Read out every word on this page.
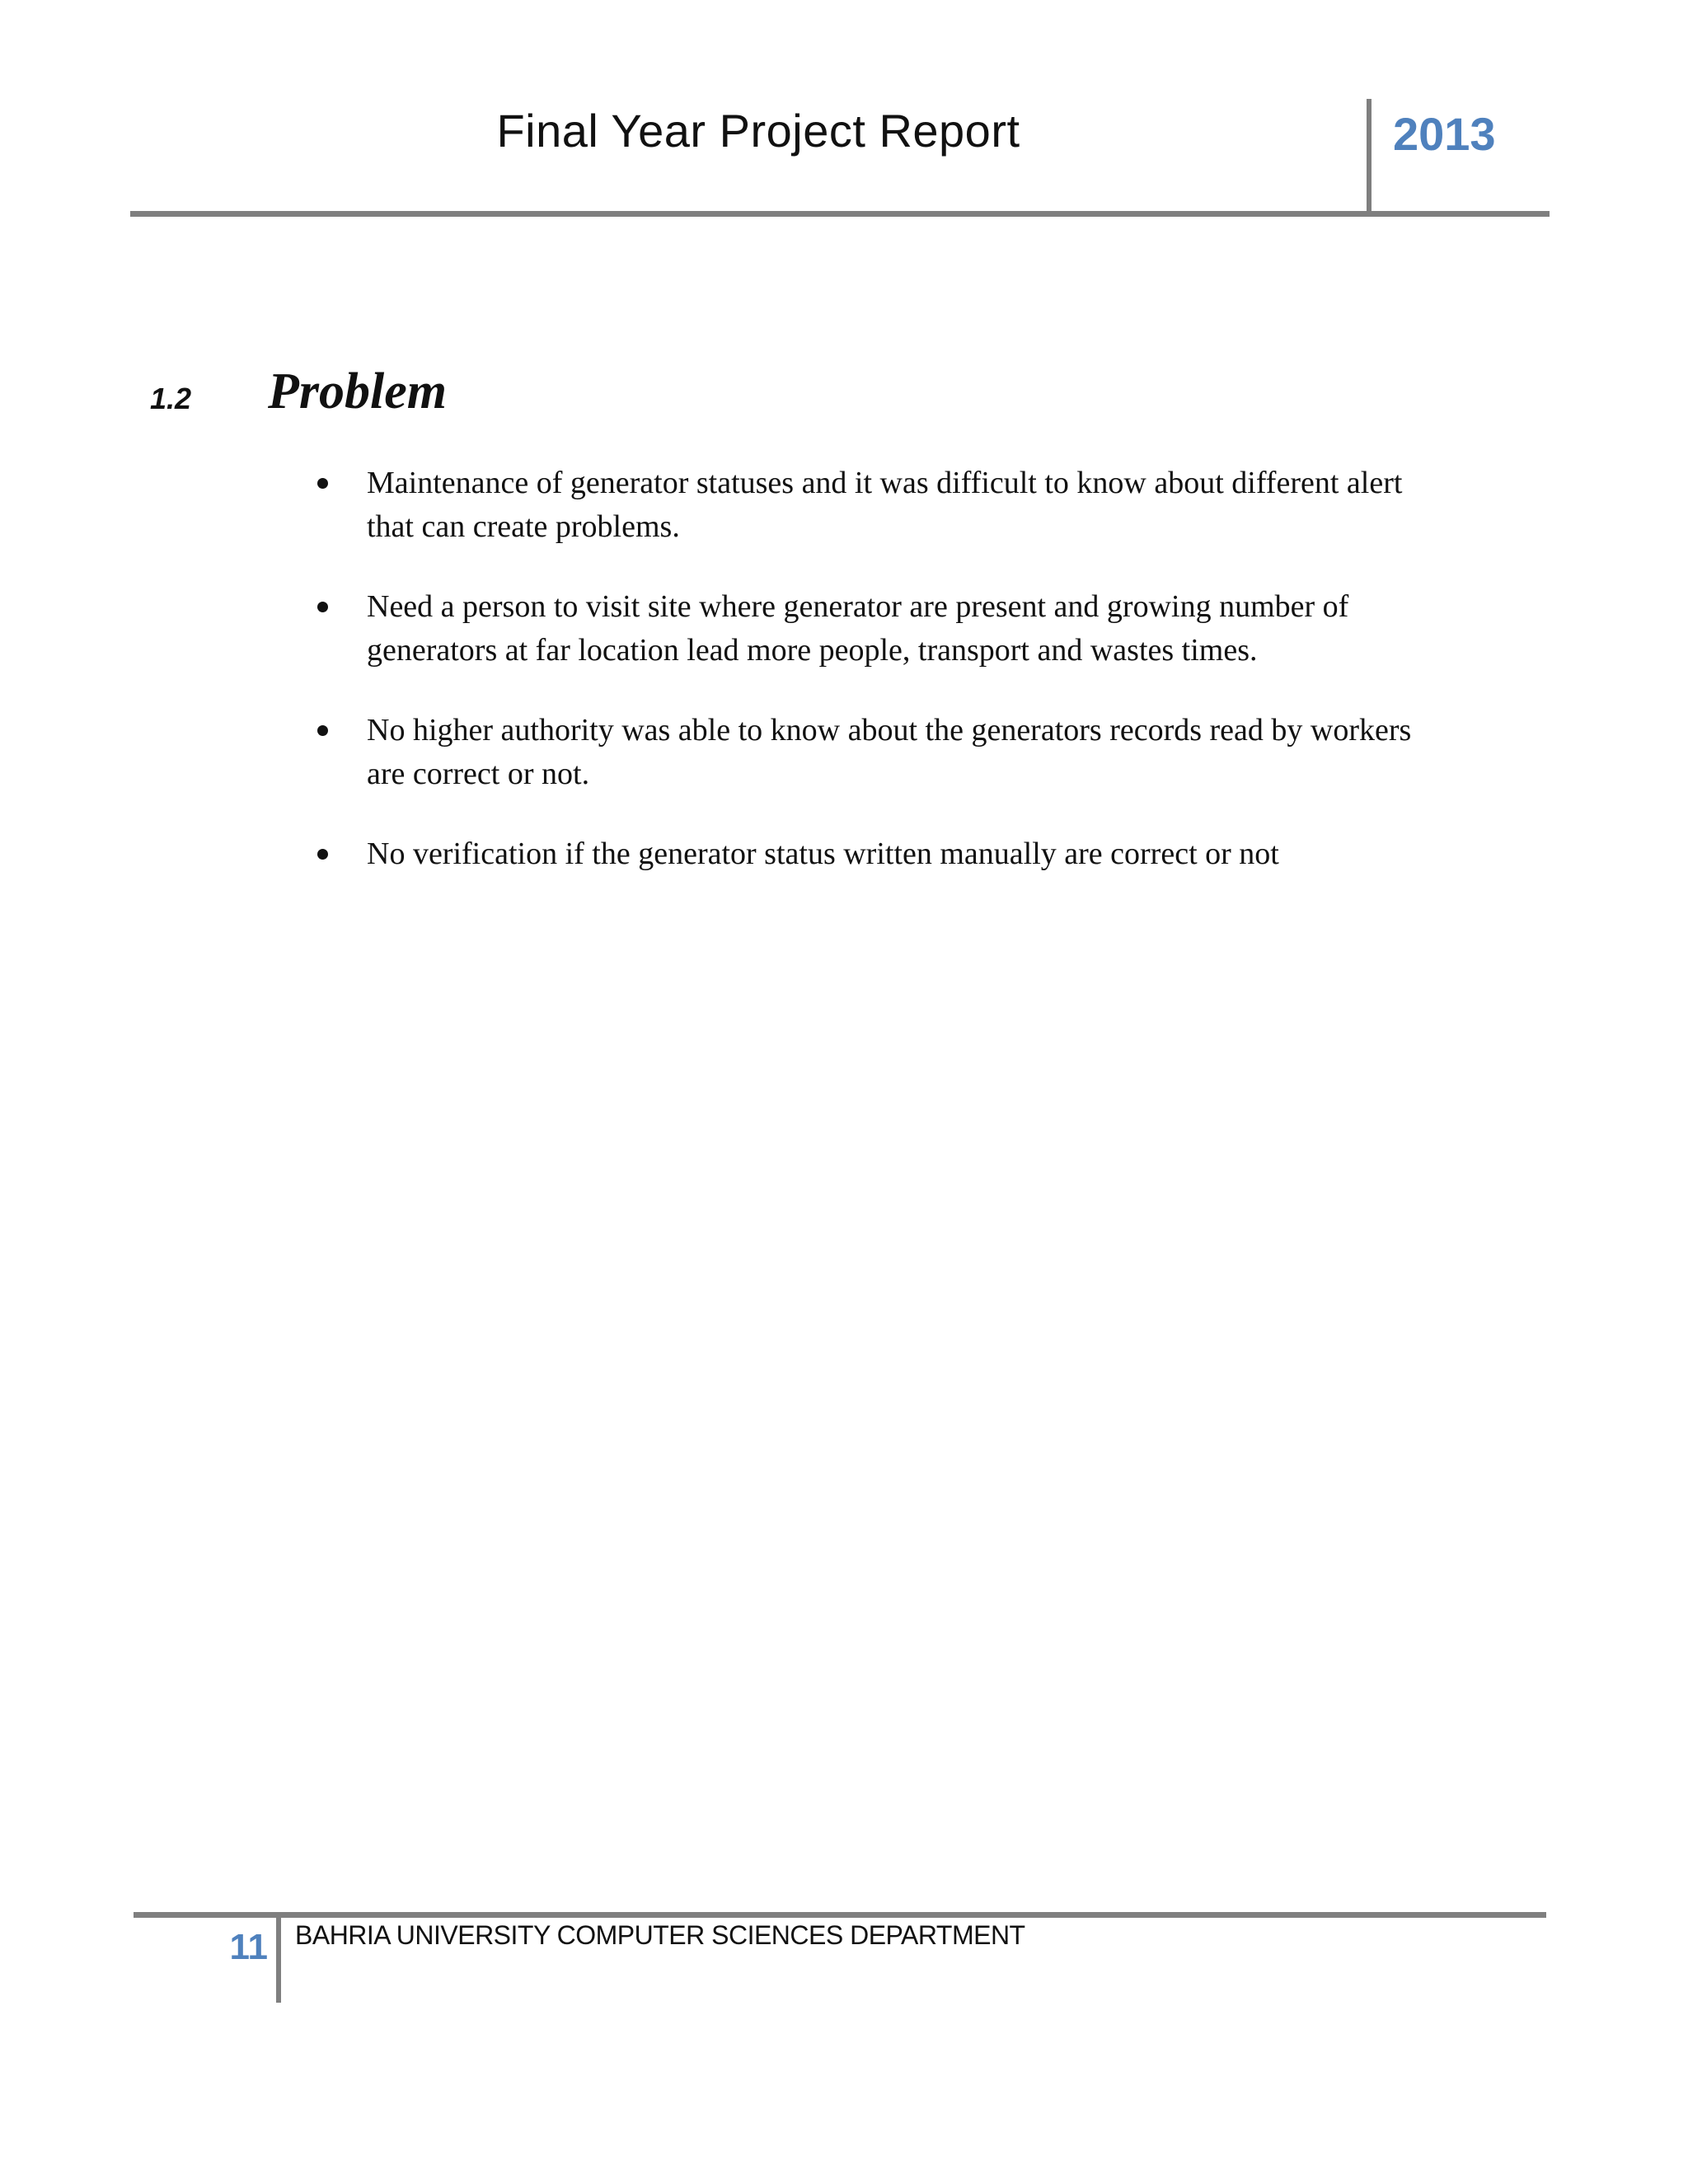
Final Year Project Report	2013
1.2 Problem
Maintenance of generator statuses and it was difficult to know about different alert that can create problems.
Need a person to visit site where generator are present and growing number of generators at far location lead more people, transport and wastes times.
No higher authority was able to know about the generators records read by workers are correct or not.
No verification if the generator status written manually are correct or not
11 BAHRIA UNIVERSITY COMPUTER SCIENCES DEPARTMENT
